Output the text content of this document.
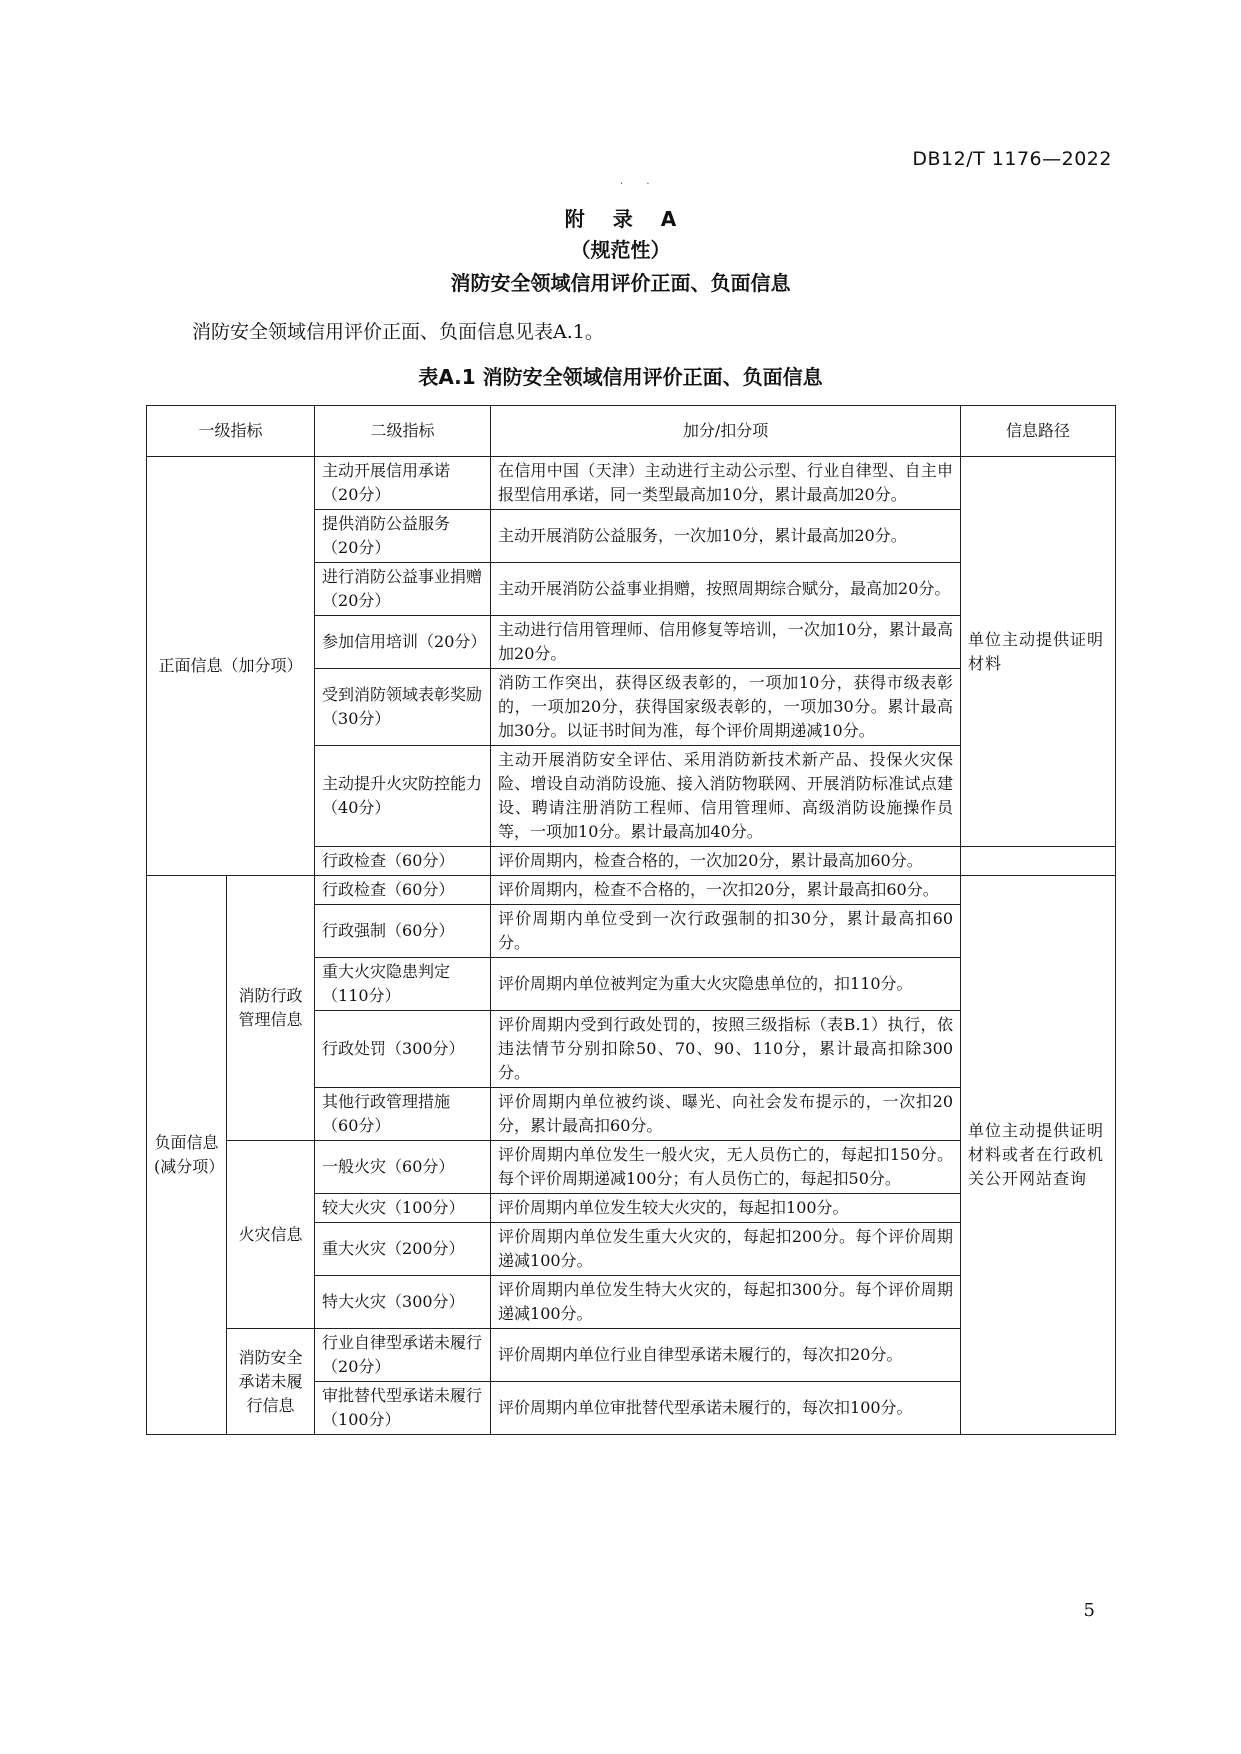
DB12/T 1176—2022
· ·
附 录 A
（规范性）
消防安全领域信用评价正面、负面信息
消防安全领域信用评价正面、负面信息见表A.1。
表A.1 消防安全领域信用评价正面、负面信息
一级指标		二级指标	加分/扣分项	信息路径
正面信息（加分项）		主动开展信用承诺（20分）	在信用中国（天津）主动进行主动公示型、行业自律型、自主申报型信用承诺，同一类型最高加10分，累计最高加20分。	单位主动提供证明材料
		提供消防公益服务（20分）	主动开展消防公益服务，一次加10分，累计最高加20分。	
		进行消防公益事业捐赠（20分）	主动开展消防公益事业捐赠，按照周期综合赋分，最高加20分。	
		参加信用培训（20分）	主动进行信用管理师、信用修复等培训，一次加10分，累计最高加20分。	
		受到消防领域表彰奖励（30分）	消防工作突出，获得区级表彰的，一项加10分，获得市级表彰的，一项加20分，获得国家级表彰的，一项加30分。累计最高加30分。以证书时间为准，每个评价周期递减10分。	
		主动提升火灾防控能力（40分）	主动开展消防安全评估、采用消防新技术新产品、投保火灾保险、增设自动消防设施、接入消防物联网、开展消防标准试点建设、聘请注册消防工程师、信用管理师、高级消防设施操作员等，一项加10分。累计最高加40分。	
		行政检查（60分）	评价周期内，检查合格的，一次加20分，累计最高加60分。	
负面信息(减分项）	消防行政管理信息	行政检查（60分）	评价周期内，检查不合格的，一次扣20分，累计最高扣60分。	单位主动提供证明材料或者在行政机关公开网站查询
		行政强制（60分）	评价周期内单位受到一次行政强制的扣30分，累计最高扣60分。	
		重大火灾隐患判定（110分）	评价周期内单位被判定为重大火灾隐患单位的，扣110分。	
		行政处罚（300分）	评价周期内受到行政处罚的，按照三级指标（表B.1）执行，依违法情节分别扣除50、70、90、110分，累计最高扣除300分。	
		其他行政管理措施（60分）	评价周期内单位被约谈、曝光、向社会发布提示的，一次扣20分，累计最高扣60分。	
	火灾信息	一般火灾（60分）	评价周期内单位发生一般火灾，无人员伤亡的，每起扣150分。每个评价周期递减100分；有人员伤亡的，每起扣50分。	
		较大火灾（100分）	评价周期内单位发生较大火灾的，每起扣100分。	
		重大火灾（200分）	评价周期内单位发生重大火灾的，每起扣200分。每个评价周期递减100分。	
		特大火灾（300分）	评价周期内单位发生特大火灾的，每起扣300分。每个评价周期递减100分。	
	消防安全承诺未履行信息	行业自律型承诺未履行（20分）	评价周期内单位行业自律型承诺未履行的，每次扣20分。	
		审批替代型承诺未履行（100分）	评价周期内单位审批替代型承诺未履行的，每次扣100分。	
5
